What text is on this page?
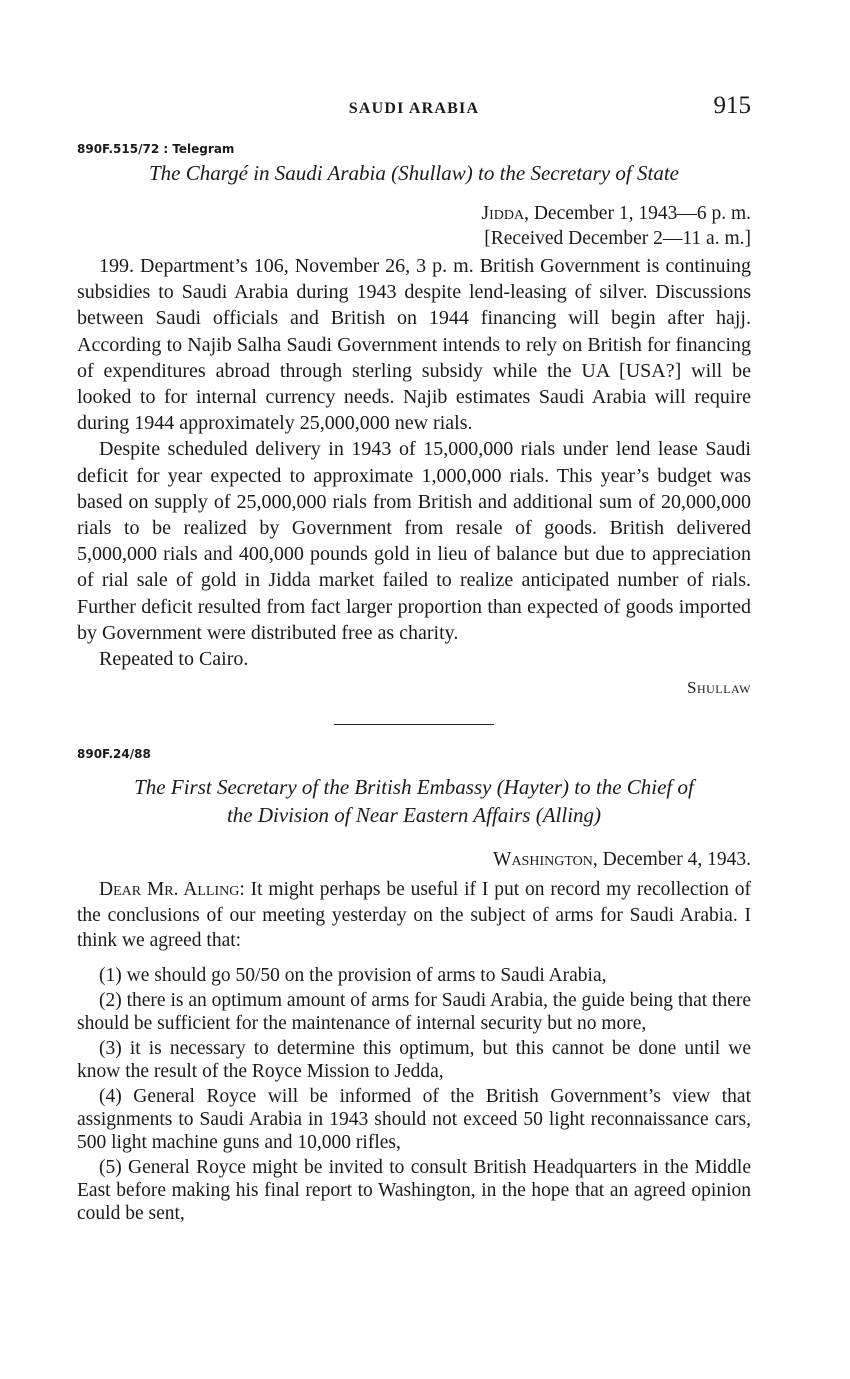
SAUDI ARABIA	915
890F.515/72 : Telegram
The Chargé in Saudi Arabia (Shullaw) to the Secretary of State
Jidda, December 1, 1943—6 p. m.
[Received December 2—11 a. m.]

199. Department’s 106, November 26, 3 p. m. British Government is continuing subsidies to Saudi Arabia during 1943 despite lend-leasing of silver. Discussions between Saudi officials and British on 1944 financing will begin after hajj. According to Najib Salha Saudi Government intends to rely on British for financing of expenditures abroad through sterling subsidy while the UA [USA?] will be looked to for internal currency needs. Najib estimates Saudi Arabia will require during 1944 approximately 25,000,000 new rials.

Despite scheduled delivery in 1943 of 15,000,000 rials under lend lease Saudi deficit for year expected to approximate 1,000,000 rials. This year’s budget was based on supply of 25,000,000 rials from British and additional sum of 20,000,000 rials to be realized by Government from resale of goods. British delivered 5,000,000 rials and 400,000 pounds gold in lieu of balance but due to appreciation of rial sale of gold in Jidda market failed to realize anticipated number of rials. Further deficit resulted from fact larger proportion than expected of goods imported by Government were distributed free as charity.

Repeated to Cairo.

Shullaw
890F.24/88
The First Secretary of the British Embassy (Hayter) to the Chief of
the Division of Near Eastern Affairs (Alling)
Washington, December 4, 1943.

Dear Mr. Alling: It might perhaps be useful if I put on record my recollection of the conclusions of our meeting yesterday on the subject of arms for Saudi Arabia. I think we agreed that:

(1) we should go 50/50 on the provision of arms to Saudi Arabia,

(2) there is an optimum amount of arms for Saudi Arabia, the guide being that there should be sufficient for the maintenance of internal security but no more,

(3) it is necessary to determine this optimum, but this cannot be done until we know the result of the Royce Mission to Jedda,

(4) General Royce will be informed of the British Government’s view that assignments to Saudi Arabia in 1943 should not exceed 50 light reconnaissance cars, 500 light machine guns and 10,000 rifles,

(5) General Royce might be invited to consult British Headquarters in the Middle East before making his final report to Washington, in the hope that an agreed opinion could be sent,
